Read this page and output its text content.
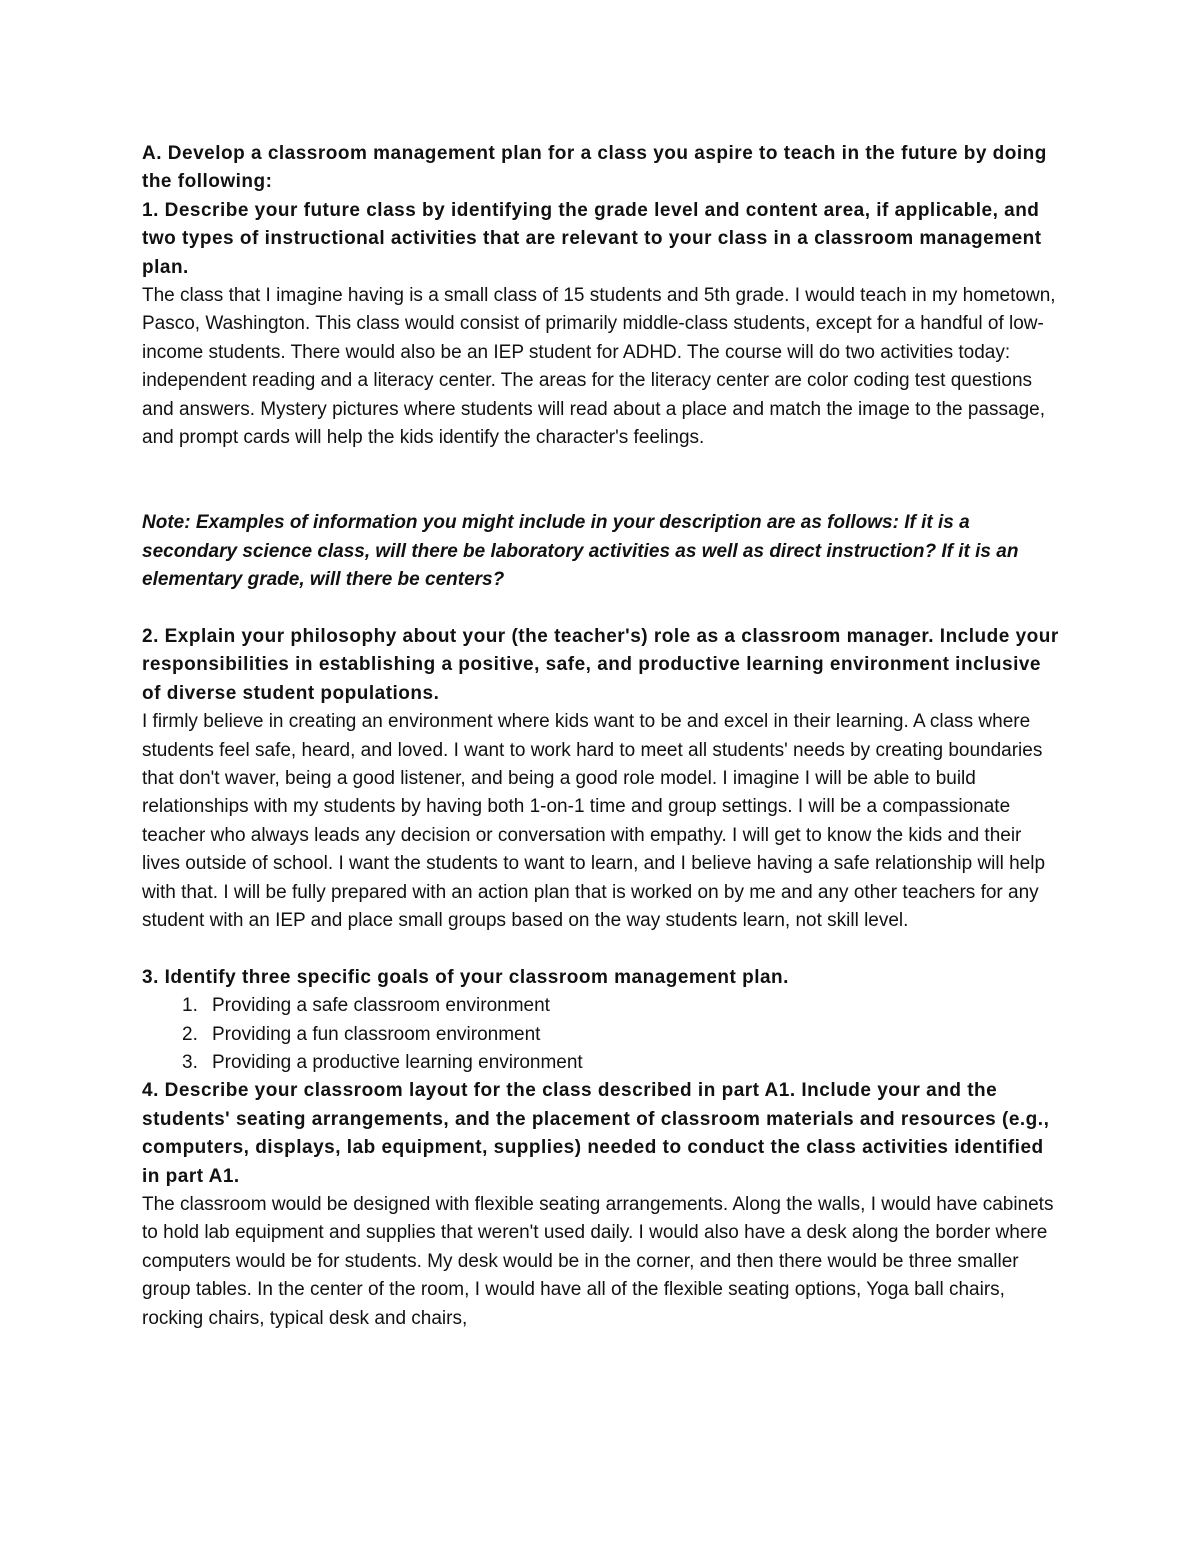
A. Develop a classroom management plan for a class you aspire to teach in the future by doing the following:

1. Describe your future class by identifying the grade level and content area, if applicable, and two types of instructional activities that are relevant to your class in a classroom management plan.

The class that I imagine having is a small class of 15 students and 5th grade. I would teach in my hometown, Pasco, Washington. This class would consist of primarily middle-class students, except for a handful of low-income students. There would also be an IEP student for ADHD. The course will do two activities today: independent reading and a literacy center. The areas for the literacy center are color coding test questions and answers. Mystery pictures where students will read about a place and match the image to the passage, and prompt cards will help the kids identify the character's feelings.

Note: Examples of information you might include in your description are as follows: If it is a secondary science class, will there be laboratory activities as well as direct instruction? If it is an elementary grade, will there be centers?

2. Explain your philosophy about your (the teacher's) role as a classroom manager. Include your responsibilities in establishing a positive, safe, and productive learning environment inclusive of diverse student populations.

I firmly believe in creating an environment where kids want to be and excel in their learning. A class where students feel safe, heard, and loved. I want to work hard to meet all students' needs by creating boundaries that don't waver, being a good listener, and being a good role model. I imagine I will be able to build relationships with my students by having both 1-on-1 time and group settings. I will be a compassionate teacher who always leads any decision or conversation with empathy. I will get to know the kids and their lives outside of school. I want the students to want to learn, and I believe having a safe relationship will help with that. I will be fully prepared with an action plan that is worked on by me and any other teachers for any student with an IEP and place small groups based on the way students learn, not skill level.

3. Identify three specific goals of your classroom management plan.

1. Providing a safe classroom environment
2. Providing a fun classroom environment
3. Providing a productive learning environment

4. Describe your classroom layout for the class described in part A1. Include your and the students' seating arrangements, and the placement of classroom materials and resources (e.g., computers, displays, lab equipment, supplies) needed to conduct the class activities identified in part A1.

The classroom would be designed with flexible seating arrangements. Along the walls, I would have cabinets to hold lab equipment and supplies that weren't used daily. I would also have a desk along the border where computers would be for students. My desk would be in the corner, and then there would be three smaller group tables. In the center of the room, I would have all of the flexible seating options, Yoga ball chairs, rocking chairs, typical desk and chairs,
